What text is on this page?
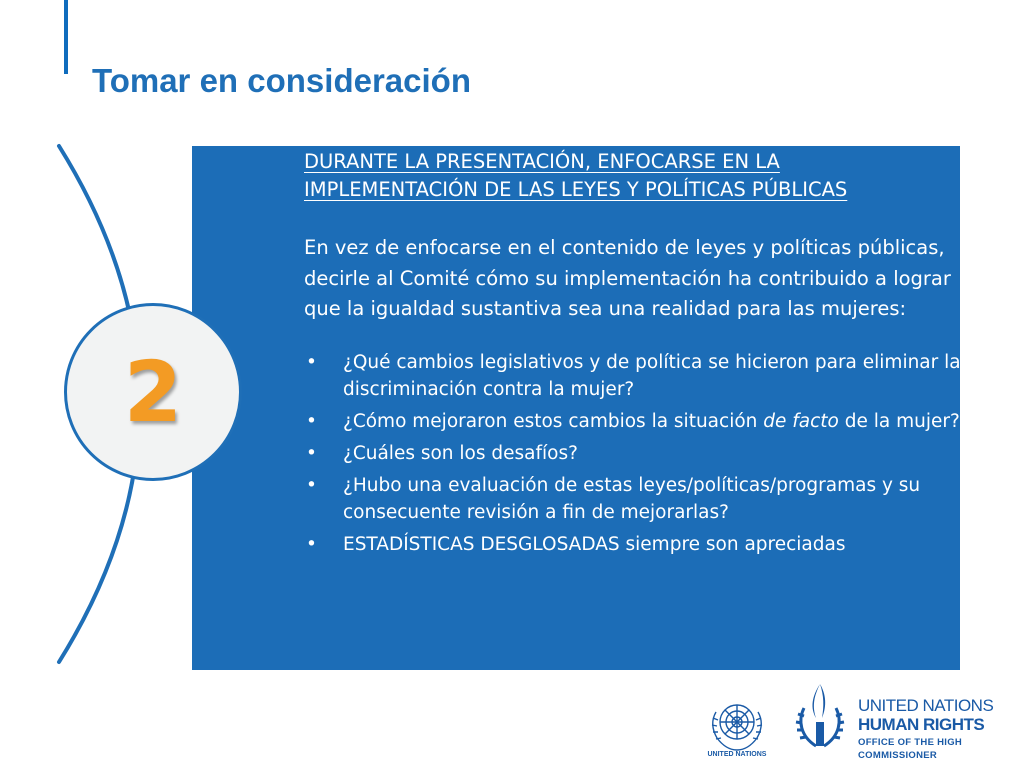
Tomar en consideración
2
DURANTE LA PRESENTACIÓN, ENFOCARSE EN LA
IMPLEMENTACIÓN DE LAS LEYES Y POLÍTICAS PÚBLICAS
En vez de enfocarse en el contenido de leyes y políticas públicas, decirle al Comité cómo su implementación ha contribuido a lograr que la igualdad sustantiva sea una realidad para las mujeres:
• ¿Qué cambios legislativos y de política se hicieron para eliminar la discriminación contra la mujer?
• ¿Cómo mejoraron estos cambios la situación de facto de la mujer?
• ¿Cuáles son los desafíos?
• ¿Hubo una evaluación de estas leyes/políticas/programas y su consecuente revisión a fin de mejorarlas?
• ESTADÍSTICAS DESGLOSADAS siempre son apreciadas
UNITED NATIONS
UNITED NATIONS
HUMAN RIGHTS
OFFICE OF THE HIGH COMMISSIONER
